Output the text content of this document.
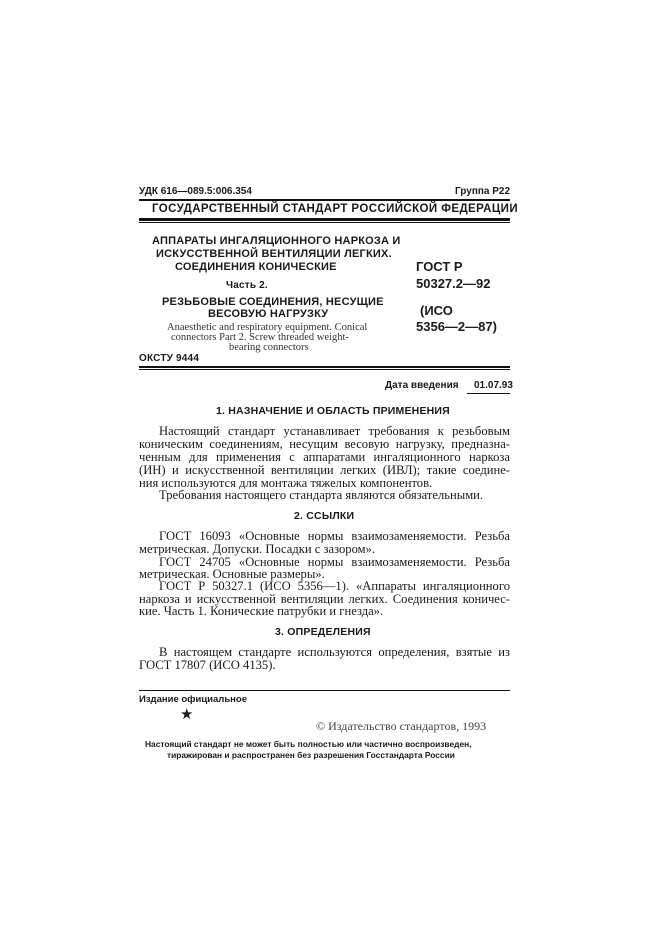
УДК 616—089.5:006.354	Группа Р22
ГОСУДАРСТВЕННЫЙ СТАНДАРТ РОССИЙСКОЙ ФЕДЕРАЦИИ
АППАРАТЫ ИНГАЛЯЦИОННОГО НАРКОЗА И
ИСКУССТВЕННОЙ ВЕНТИЛЯЦИИ ЛЕГКИХ.
СОЕДИНЕНИЯ КОНИЧЕСКИЕ
Часть 2.
РЕЗЬБОВЫЕ СОЕДИНЕНИЯ, НЕСУЩИЕ
ВЕСОВУЮ НАГРУЗКУ
Anaesthetic and respiratory equipment. Conical
connectors Part 2. Screw threaded weight-
bearing connectors
ОКСТУ 9444
ГОСТ Р
50327.2—92
(ИСО
5356—2—87)
Дата введения 01.07.93
1. НАЗНАЧЕНИЕ И ОБЛАСТЬ ПРИМЕНЕНИЯ
Настоящий стандарт устанавливает требования к резьбовым
коническим соединениям, несущим весовую нагрузку, предназна-
ченным для применения с аппаратами ингаляционного наркоза
(ИН) и искусственной вентиляции легких (ИВЛ); такие соедине-
ния используются для монтажа тяжелых компонентов.
Требования настоящего стандарта являются обязательными.
2. ССЫЛКИ
ГОСТ 16093 «Основные нормы взаимозаменяемости. Резьба
метрическая. Допуски. Посадки с зазором».
ГОСТ 24705 «Основные нормы взаимозаменяемости. Резьба
метрическая. Основные размеры».
ГОСТ Р 50327.1 (ИСО 5356—1). «Аппараты ингаляционного
наркоза и искусственной вентиляции легких. Соединения коничес-
кие. Часть 1. Конические патрубки и гнезда».
3. ОПРЕДЕЛЕНИЯ
В настоящем стандарте используются определения, взятые из
ГОСТ 17807 (ИСО 4135).
Издание официальное
★
© Издательство стандартов, 1993
Настоящий стандарт не может быть полностью или частично воспроизведен,
тиражирован и распространен без разрешения Госстандарта России
